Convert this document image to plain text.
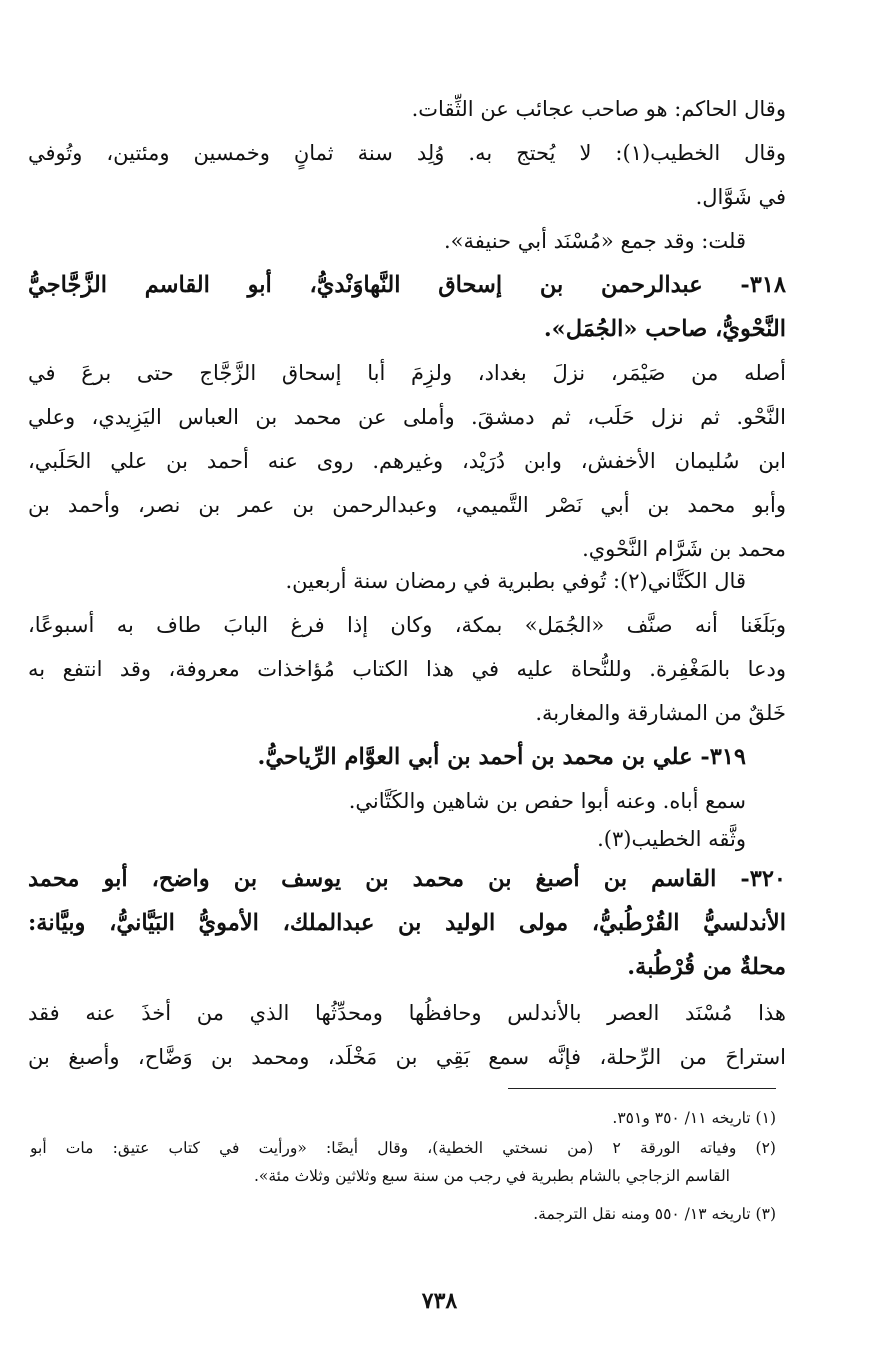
وقال الحاكم: هو صاحب عجائب عن الثِّقات.
وقال الخطيب(١): لا يُحتج به. وُلِد سنة ثمانٍ وخمسين ومئتين، وتُوفي
في شَوَّال.
قلت: وقد جمع «مُسْنَد أبي حنيفة».
٣١٨- عبدالرحمن بن إسحاق النَّهاوَنْديُّ، أبو القاسم الزَّجَّاجيُّ
النَّحْويُّ، صاحب «الجُمَل».
أصله من صَيْمَر، نزلَ بغداد، ولزِمَ أبا إسحاق الزَّجَّاج حتى برعَ في
النَّحْو. ثم نزل حَلَب، ثم دمشقَ. وأملى عن محمد بن العباس اليَزِيدي، وعلي
ابن سُليمان الأخفش، وابن دُرَيْد، وغيرهم. روى عنه أحمد بن علي الحَلَبي،
وأبو محمد بن أبي نَصْر التَّميمي، وعبدالرحمن بن عمر بن نصر، وأحمد بن
محمد بن شَرَّام النَّحْوي.
قال الكَتَّاني(٢): تُوفي بطبرية في رمضان سنة أربعين.
وبَلَغَنا أنه صنَّف «الجُمَل» بمكة، وكان إذا فرغ البابَ طاف به أسبوعًا،
ودعا بالمَغْفِرة. وللنُّحاة عليه في هذا الكتاب مُؤاخذات معروفة، وقد انتفع به
خَلقٌ من المشارقة والمغاربة.
٣١٩- علي بن محمد بن أحمد بن أبي العوَّام الرِّياحيُّ.
سمع أباه. وعنه أبوا حفص بن شاهين والكَتَّاني.
وثَّقه الخطيب(٣).
٣٢٠- القاسم بن أصبغ بن محمد بن يوسف بن واضح، أبو محمد
الأندلسيُّ القُرْطُبيُّ، مولى الوليد بن عبدالملك، الأمويُّ البَيَّانيُّ، وبيَّانة:
محلةٌ من قُرْطُبة.
هذا مُسْنَد العصر بالأندلس وحافظُها ومحدِّثُها الذي من أخذَ عنه فقد
استراحَ من الرِّحلة، فإنَّه سمع بَقِي بن مَخْلَد، ومحمد بن وَضَّاح، وأصبغ بن
(١) تاريخه ١١/ ٣٥٠ و٣٥١.
(٢) وفياته الورقة ٢ (من نسختي الخطية)، وقال أيضًا: «ورأيت في كتاب عتيق: مات أبو
القاسم الزجاجي بالشام بطبرية في رجب من سنة سبع وثلاثين وثلاث مئة».
(٣) تاريخه ١٣/ ٥٥٠ ومنه نقل الترجمة.
٧٣٨
